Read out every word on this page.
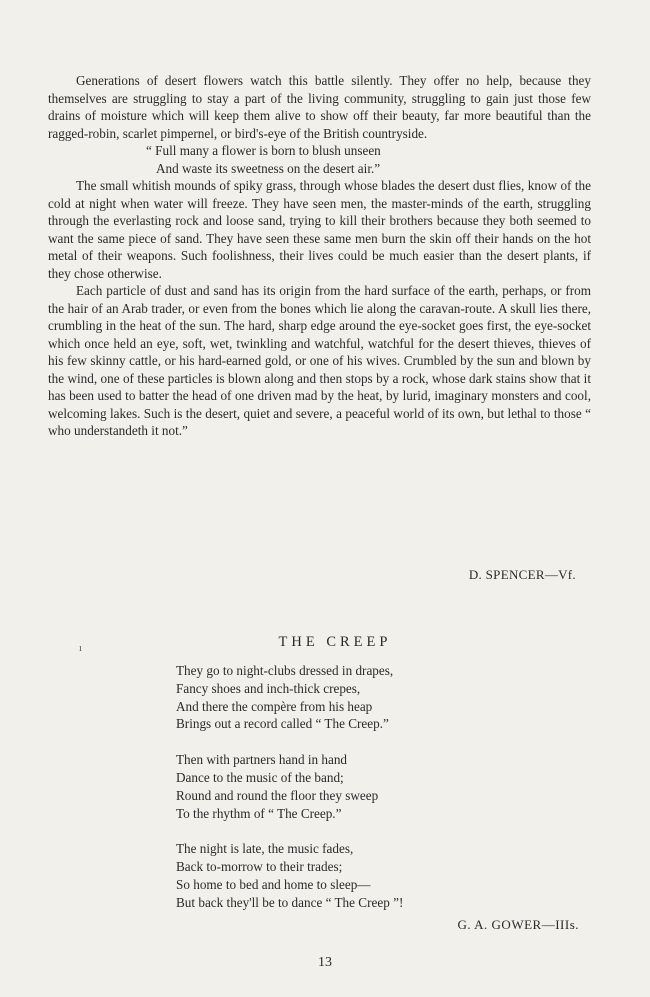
Generations of desert flowers watch this battle silently. They offer no help, because they themselves are struggling to stay a part of the living community, struggling to gain just those few drains of moisture which will keep them alive to show off their beauty, far more beautiful than the ragged-robin, scarlet pimpernel, or bird's-eye of the British countryside.

“ Full many a flower is born to blush unseen
And waste its sweetness on the desert air.”

The small whitish mounds of spiky grass, through whose blades the desert dust flies, know of the cold at night when water will freeze. They have seen men, the master-minds of the earth, struggling through the everlasting rock and loose sand, trying to kill their brothers because they both seemed to want the same piece of sand. They have seen these same men burn the skin off their hands on the hot metal of their weapons. Such foolishness, their lives could be much easier than the desert plants, if they chose otherwise.

Each particle of dust and sand has its origin from the hard surface of the earth, perhaps, or from the hair of an Arab trader, or even from the bones which lie along the caravan-route. A skull lies there, crumbling in the heat of the sun. The hard, sharp edge around the eye-socket goes first, the eye-socket which once held an eye, soft, wet, twinkling and watchful, watchful for the desert thieves, thieves of his few skinny cattle, or his hard-earned gold, or one of his wives. Crumbled by the sun and blown by the wind, one of these particles is blown along and then stops by a rock, whose dark stains show that it has been used to batter the head of one driven mad by the heat, by lurid, imaginary monsters and cool, welcoming lakes. Such is the desert, quiet and severe, a peaceful world of its own, but lethal to those “ who understandeth it not.”

D. SPENCER—Vf.
ı	THE CREEP
They go to night-clubs dressed in drapes,
Fancy shoes and inch-thick crepes,
And there the compère from his heap
Brings out a record called “ The Creep.”
Then with partners hand in hand
Dance to the music of the band;
Round and round the floor they sweep
To the rhythm of “ The Creep.”
The night is late, the music fades,
Back to-morrow to their trades;
So home to bed and home to sleep—
But back they'll be to dance “ The Creep ”!
G. A. GOWER—IIIs.
13
